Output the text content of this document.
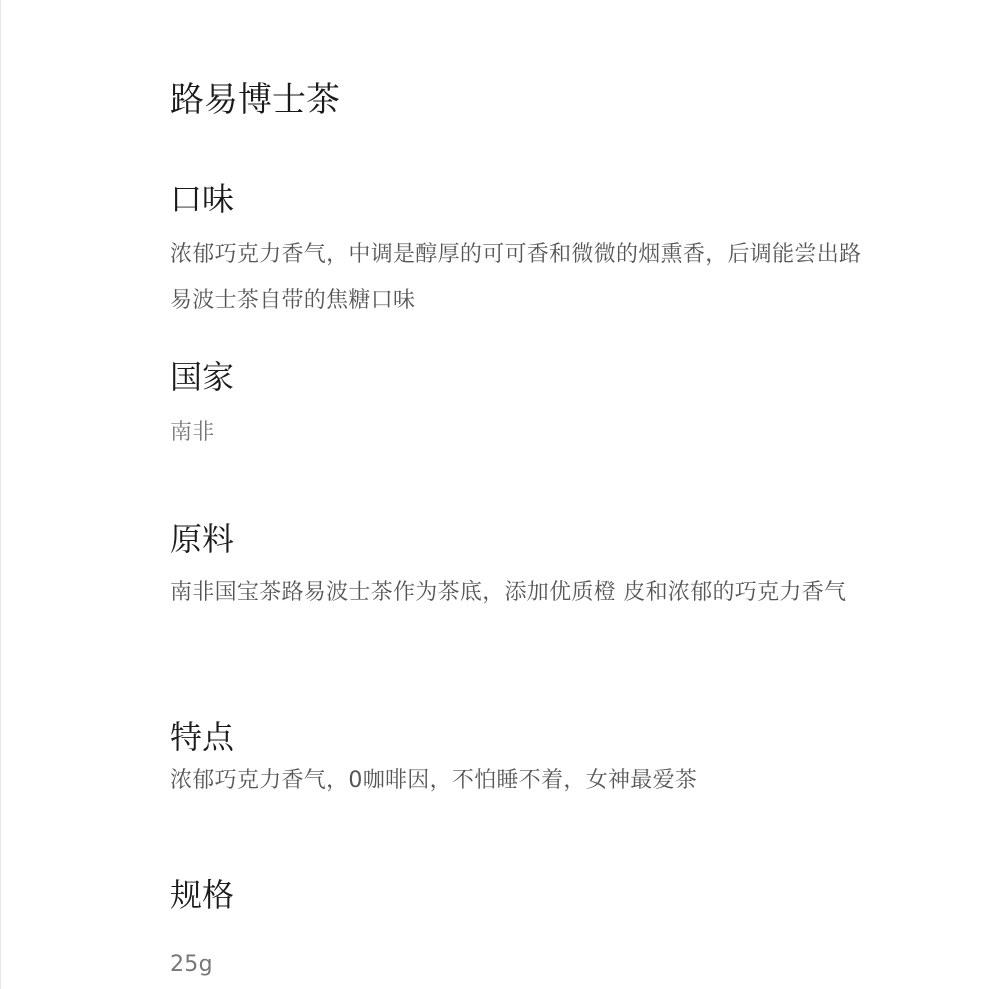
路易博士茶
口味
浓郁巧克力香气，中调是醇厚的可可香和微微的烟熏香，后调能尝出路易波士茶自带的焦糖口味
国家
南非
原料
南非国宝茶路易波士茶作为茶底，添加优质橙 皮和浓郁的巧克力香气
特点
浓郁巧克力香气，0咖啡因，不怕睡不着，女神最爱茶
规格
25g
